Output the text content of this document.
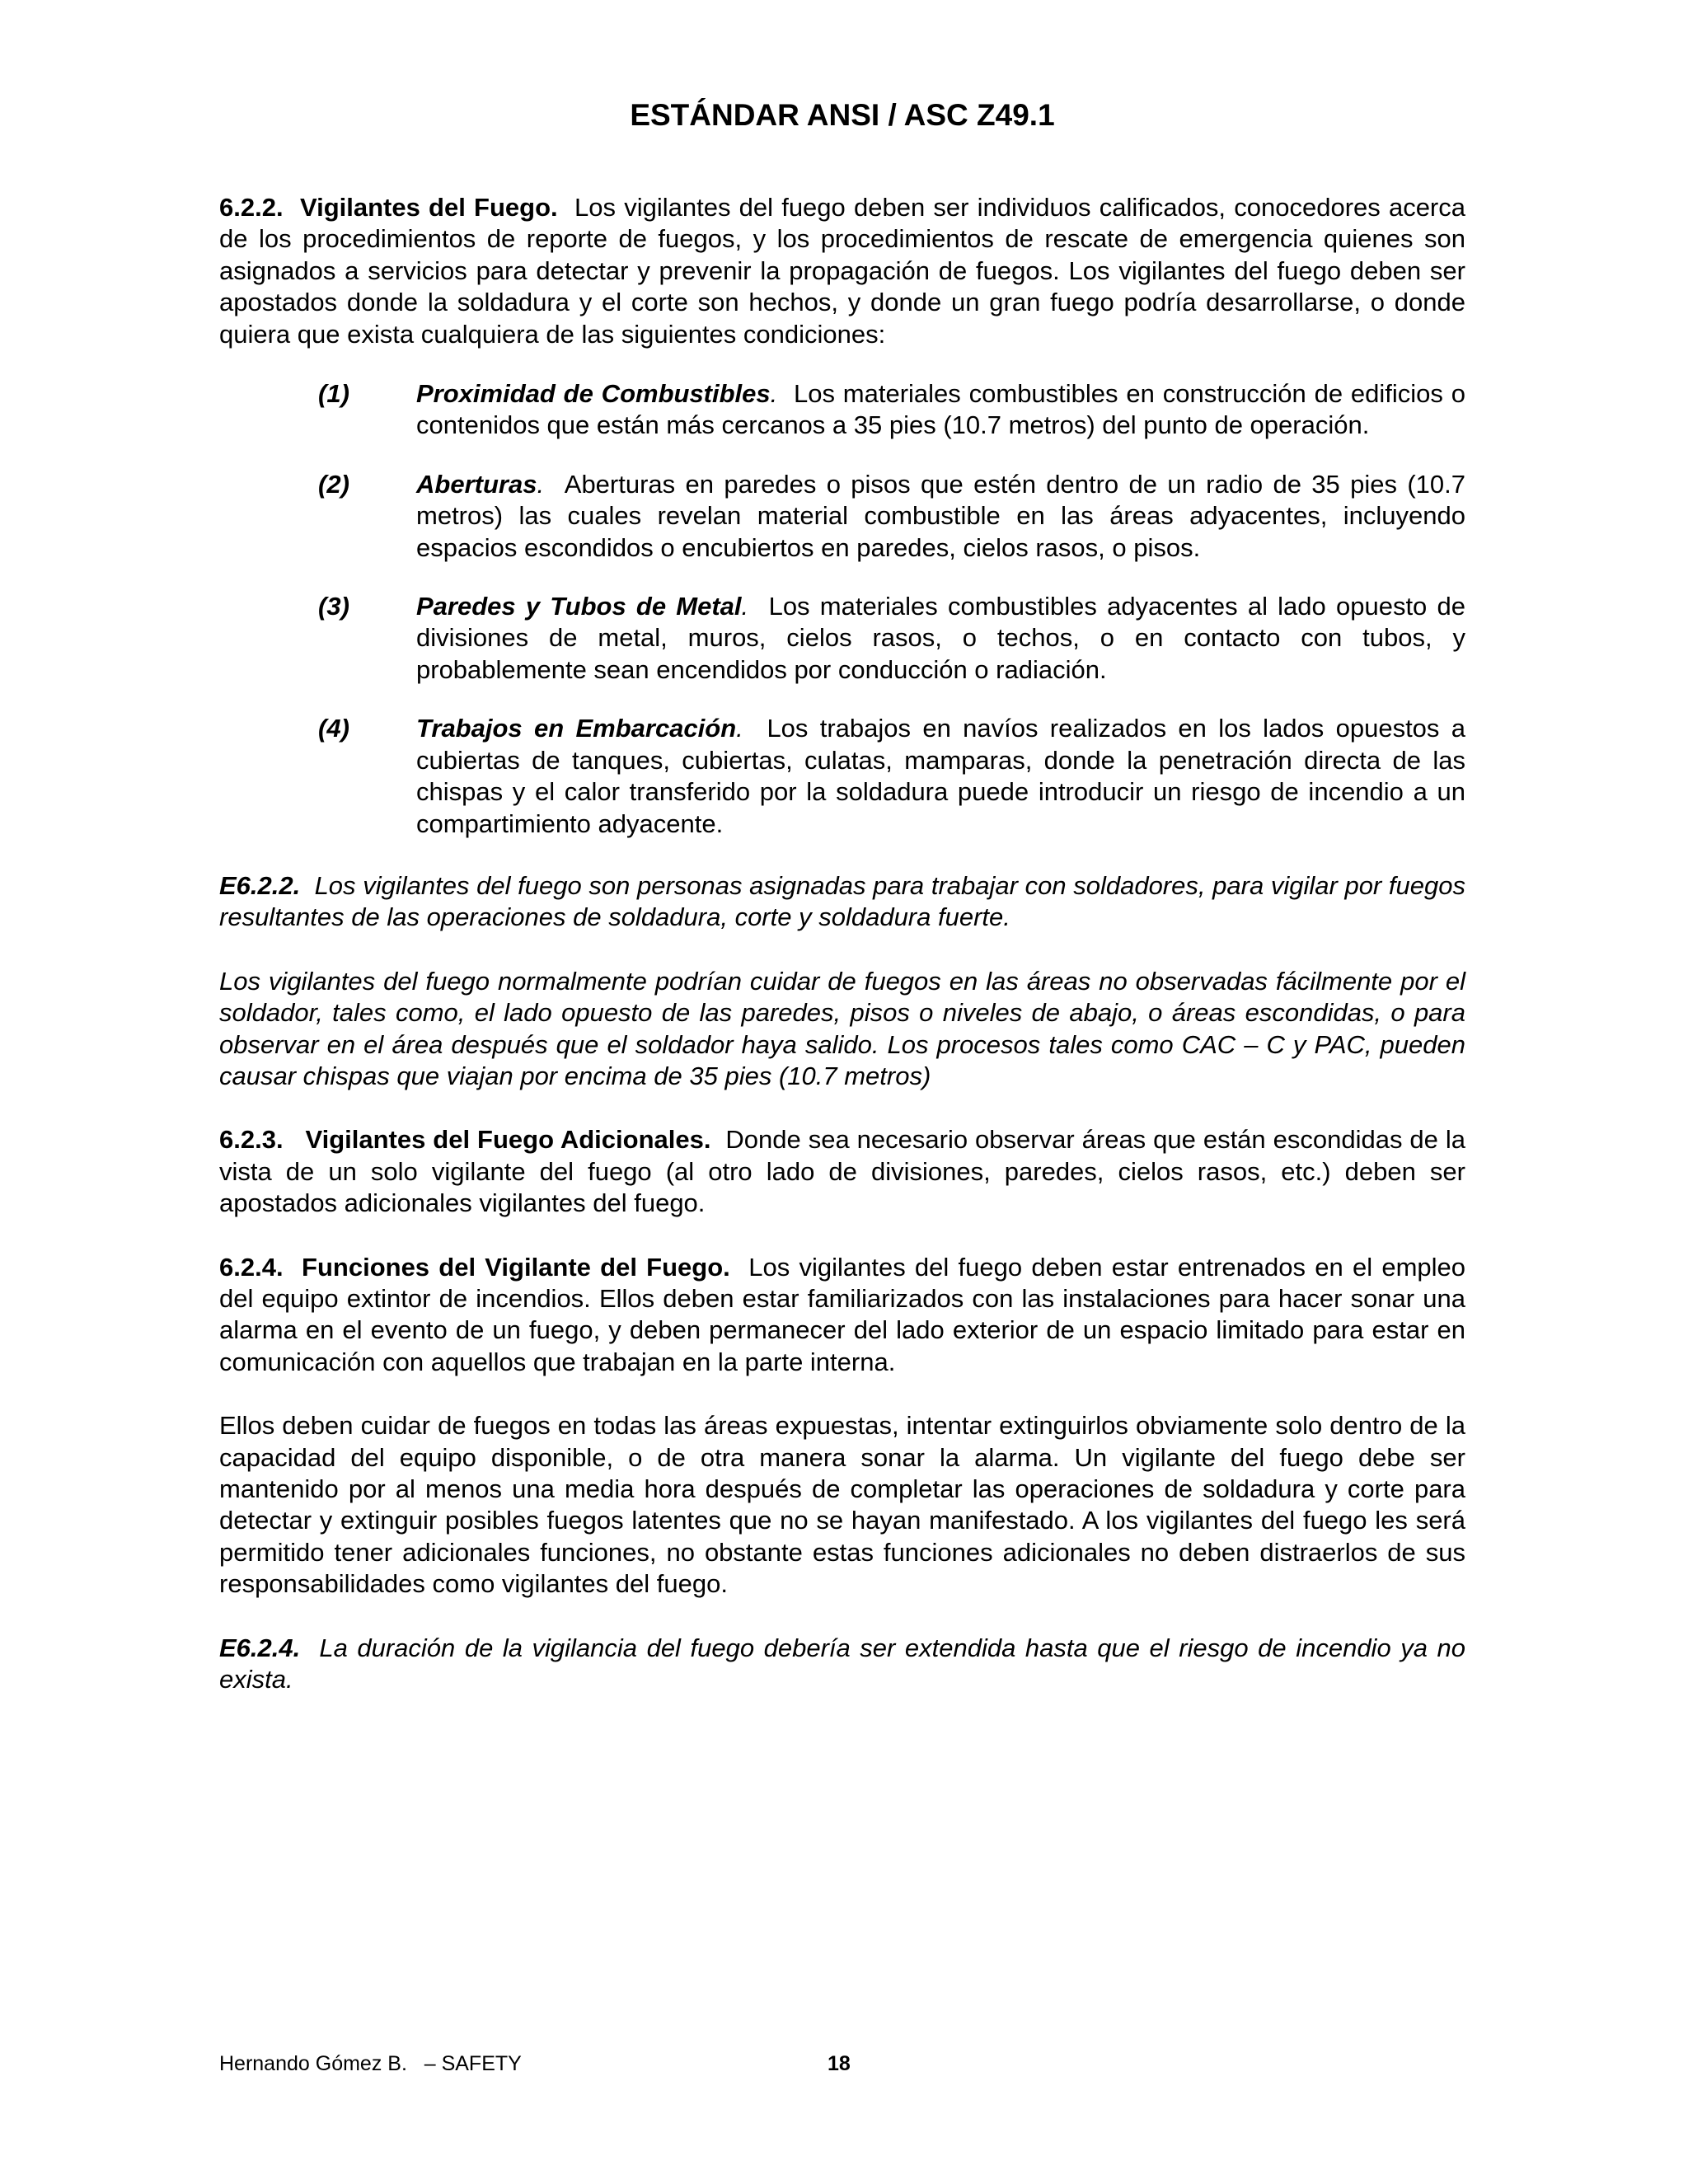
ESTÁNDAR ANSI / ASC Z49.1

6.2.2. Vigilantes del Fuego. Los vigilantes del fuego deben ser individuos calificados, conocedores acerca de los procedimientos de reporte de fuegos, y los procedimientos de rescate de emergencia quienes son asignados a servicios para detectar y prevenir la propagación de fuegos. Los vigilantes del fuego deben ser apostados donde la soldadura y el corte son hechos, y donde un gran fuego podría desarrollarse, o donde quiera que exista cualquiera de las siguientes condiciones:

(1)	Proximidad de Combustibles. Los materiales combustibles en construcción de edificios o contenidos que están más cercanos a 35 pies (10.7 metros) del punto de operación.
(2)	Aberturas. Aberturas en paredes o pisos que estén dentro de un radio de 35 pies (10.7 metros) las cuales revelan material combustible en las áreas adyacentes, incluyendo espacios escondidos o encubiertos en paredes, cielos rasos, o pisos.
(3)	Paredes y Tubos de Metal. Los materiales combustibles adyacentes al lado opuesto de divisiones de metal, muros, cielos rasos, o techos, o en contacto con tubos, y probablemente sean encendidos por conducción o radiación.
(4)	Trabajos en Embarcación. Los trabajos en navíos realizados en los lados opuestos a cubiertas de tanques, cubiertas, culatas, mamparas, donde la penetración directa de las chispas y el calor transferido por la soldadura puede introducir un riesgo de incendio a un compartimiento adyacente.

E6.2.2. Los vigilantes del fuego son personas asignadas para trabajar con soldadores, para vigilar por fuegos resultantes de las operaciones de soldadura, corte y soldadura fuerte.

Los vigilantes del fuego normalmente podrían cuidar de fuegos en las áreas no observadas fácilmente por el soldador, tales como, el lado opuesto de las paredes, pisos o niveles de abajo, o áreas escondidas, o para observar en el área después que el soldador haya salido. Los procesos tales como CAC – C y PAC, pueden causar chispas que viajan por encima de 35 pies (10.7 metros)

6.2.3. Vigilantes del Fuego Adicionales. Donde sea necesario observar áreas que están escondidas de la vista de un solo vigilante del fuego (al otro lado de divisiones, paredes, cielos rasos, etc.) deben ser apostados adicionales vigilantes del fuego.

6.2.4. Funciones del Vigilante del Fuego. Los vigilantes del fuego deben estar entrenados en el empleo del equipo extintor de incendios. Ellos deben estar familiarizados con las instalaciones para hacer sonar una alarma en el evento de un fuego, y deben permanecer del lado exterior de un espacio limitado para estar en comunicación con aquellos que trabajan en la parte interna.

Ellos deben cuidar de fuegos en todas las áreas expuestas, intentar extinguirlos obviamente solo dentro de la capacidad del equipo disponible, o de otra manera sonar la alarma. Un vigilante del fuego debe ser mantenido por al menos una media hora después de completar las operaciones de soldadura y corte para detectar y extinguir posibles fuegos latentes que no se hayan manifestado. A los vigilantes del fuego les será permitido tener adicionales funciones, no obstante estas funciones adicionales no deben distraerlos de sus responsabilidades como vigilantes del fuego.

E6.2.4. La duración de la vigilancia del fuego debería ser extendida hasta que el riesgo de incendio ya no exista.

Hernando Gómez B.   – SAFETY	18
